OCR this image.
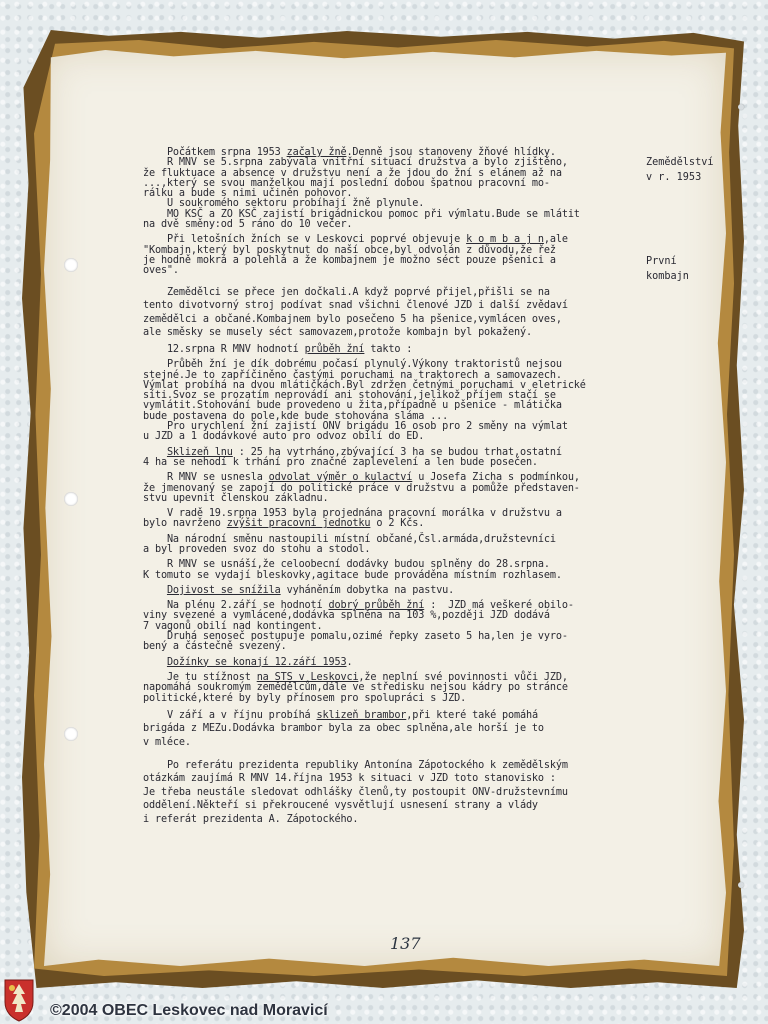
Počátkem srpna 1953 začaly žně.Denně jsou stanoveny žňové hlídky.

R MNV se 5.srpna zabývala vnitřní situací družstva a bylo zjištěno,
že fluktuace a absence v družstvu není a že jdou do žní s elánem až na
...,který se svou manželkou mají poslední dobou špatnou pracovní mo-
rálku a bude s nimi učiněn pohovor.

U soukromého sektoru probíhají žně plynule.
MO KSČ a ZO KSČ zajistí brigádnickou pomoc při výmlatu.Bude se mlátit
na dvě směny:od 5 ráno do 10 večer.

Při letošních žních se v Leskovci poprvé objevuje k o m b a j n,ale
"Kombajn,který byl poskytnut do naší obce,byl odvolán z důvodu,že řež
je hodně mokrá a polehlá a že kombajnem je možno séct pouze pšenici a
oves".

Zemědělci se přece jen dočkali.A když poprvé přijel,přišli se na
tento divotvorný stroj podívat snad všichni členové JZD i další zvědaví
zemědělci a občané.Kombajnem bylo posečeno 5 ha pšenice,vymlácen oves,
ale směsky se musely séct samovazem,protože kombajn byl pokažený.

12.srpna R MNV hodnotí průběh žní takto :

Průběh žní je dík dobrému počasí plynulý.Výkony traktoristů nejsou
stejné.Je to zapříčiněno častými poruchami na traktorech a samovazech.
Výmlat probíhá na dvou mlátičkách.Byl zdržen četnými poruchami v eletrické
síti.Svoz se prozatím neprovádí ani stohování,jelikož příjem stačí se
vymlátit.Stohování bude provedeno u žita,případně u pšenice - mlátička
bude postavena do pole,kde bude stohována sláma ...
Pro urychlení žní zajistí ONV brigádu 16 osob pro 2 směny na výmlat
u JZD a 1 dodávkové auto pro odvoz obilí do ED.

Sklizeň lnu : 25 ha vytrháno,zbývající 3 ha se budou trhat,ostatní
4 ha se nehodí k trhání pro značné zaplevelení a len bude posečen.

R MNV se usnesla odvolat výměr o kulactví u Josefa Zicha s podmínkou,
že jmenovaný se zapojí do politické práce v družstvu a pomůže představen-
stvu upevnit členskou základnu.

V radě 19.srpna 1953 byla projednána pracovní morálka v družstvu a
bylo navrženo zvýšit pracovní jednotku o 2 Kčs.

Na národní směnu nastoupili místní občané,Čsl.armáda,družstevníci
a byl proveden svoz do stohu a stodol.

R MNV se usnáší,že celoobecní dodávky budou splněny do 28.srpna.
K tomuto se vydají bleskovky,agitace bude prováděna místním rozhlasem.

Dojivost se snížila vyháněním dobytka na pastvu.

Na plénu 2.září se hodnotí dobrý průběh žní :  JZD má veškeré obilo-
viny svezené a vymlácené,dodávka splněna na 103 %,později JZD dodává
7 vagonů obilí nad kontingent.
Druhá senoseč postupuje pomalu,ozimé řepky zaseto 5 ha,len je vyro-
bený a částečně svezený.

Dožínky se konají 12.září 1953.

Je tu stížnost na STS v Leskovci,že neplní své povinnosti vůči JZD,
napomáhá soukromým zemědělcům,dále ve středisku nejsou kádry po stránce
politické,které by byly přínosem pro spolupráci s JZD.

V září a v říjnu probíhá sklizeň brambor,při které také pomáhá
brigáda z MEZu.Dodávka brambor byla za obec splněna,ale horší je to
v mléce.

Po referátu prezidenta republiky Antonína Zápotockého k zemědělským
otázkám zaujímá R MNV 14.října 1953 k situaci v JZD toto stanovisko :
Je třeba neustále sledovat odhlášky členů,ty postoupit ONV-družstevnímu
oddělení.Někteří si překroucené vysvětlují usnesení strany a vlády
i referát prezidenta A. Zápotockého.

Zemědělství
v r. 1953
První
kombajn
137
©2004 OBEC Leskovec nad Moravicí
